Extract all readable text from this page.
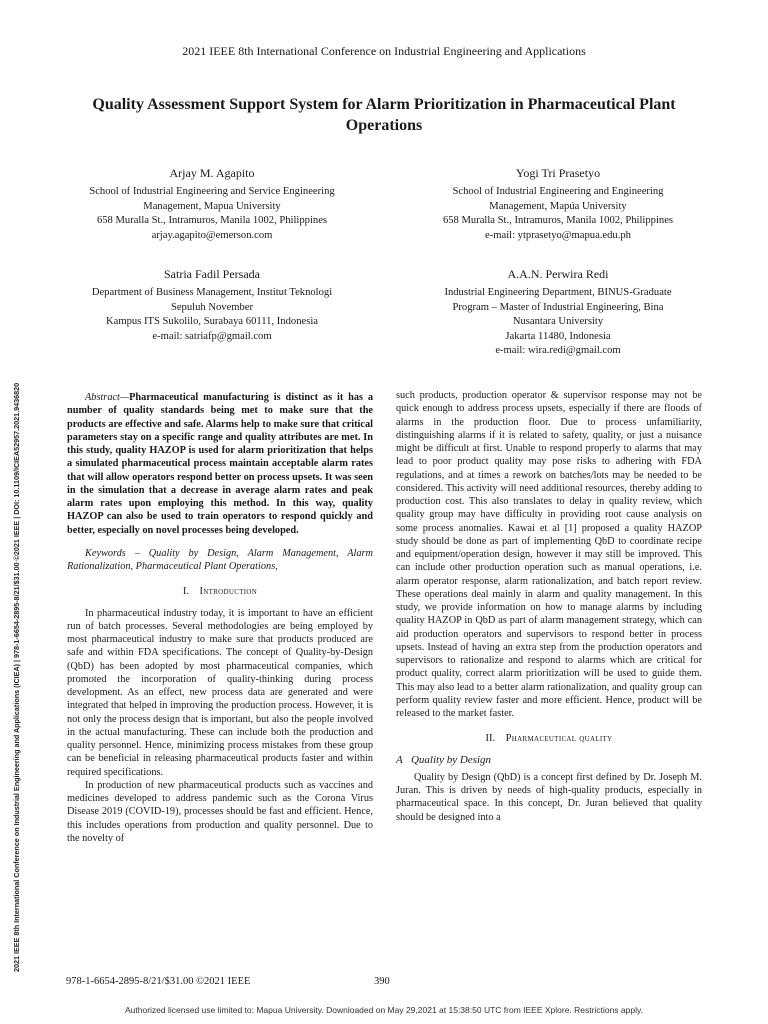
2021 IEEE 8th International Conference on Industrial Engineering and Applications
Quality Assessment Support System for Alarm Prioritization in Pharmaceutical Plant Operations
Arjay M. Agapito
School of Industrial Engineering and Service Engineering
Management, Mapua University
658 Muralla St., Intramuros, Manila 1002, Philippines
arjay.agapito@emerson.com
Yogi Tri Prasetyo
School of Industrial Engineering and Engineering
Management, Mapúa University
658 Muralla St., Intramuros, Manila 1002, Philippines
e-mail: ytprasetyo@mapua.edu.ph
Satria Fadil Persada
Department of Business Management, Institut Teknologi
Sepuluh November
Kampus ITS Sukolilo, Surabaya 60111, Indonesia
e-mail: satriafp@gmail.com
A.A.N. Perwira Redi
Industrial Engineering Department, BINUS-Graduate
Program – Master of Industrial Engineering, Bina
Nusantara University
Jakarta 11480, Indonesia
e-mail: wira.redi@gmail.com

Abstract—Pharmaceutical manufacturing is distinct as it has a number of quality standards being met to make sure that the products are effective and safe. Alarms help to make sure that critical parameters stay on a specific range and quality attributes are met. In this study, quality HAZOP is used for alarm prioritization that helps a simulated pharmaceutical process maintain acceptable alarm rates that will allow operators respond better on process upsets. It was seen in the simulation that a decrease in average alarm rates and peak alarm rates upon employing this method. In this way, quality HAZOP can also be used to train operators to respond quickly and better, especially on novel processes being developed.

Keywords – Quality by Design, Alarm Management, Alarm Rationalization, Pharmaceutical Plant Operations,

I. Introduction

In pharmaceutical industry today, it is important to have an efficient run of batch processes. Several methodologies are being employed by most pharmaceutical industry to make sure that products produced are safe and within FDA specifications. The concept of Quality-by-Design (QbD) has been adopted by most pharmaceutical companies, which promoted the incorporation of quality-thinking during process development. As an effect, new process data are generated and were integrated that helped in improving the production process. However, it is not only the process design that is important, but also the people involved in the actual manufacturing. These can include both the production and quality personnel. Hence, minimizing process mistakes from these group can be beneficial in releasing pharmaceutical products faster and within required specifications.

In production of new pharmaceutical products such as vaccines and medicines developed to address pandemic such as the Corona Virus Disease 2019 (COVID-19), processes should be fast and efficient. Hence, this includes operations from production and quality personnel. Due to the novelty of

such products, production operator & supervisor response may not be quick enough to address process upsets, especially if there are floods of alarms in the production floor. Due to process unfamiliarity, distinguishing alarms if it is related to safety, quality, or just a nuisance might be difficult at first. Unable to respond properly to alarms that may lead to poor product quality may pose risks to adhering with FDA regulations, and at times a rework on batches/lots may be needed to be considered. This activity will need additional resources, thereby adding to production cost. This also translates to delay in quality review, which quality group may have difficulty in providing root cause analysis on some process anomalies. Kawai et al [1] proposed a quality HAZOP study should be done as part of implementing QbD to coordinate recipe and equipment/operation design, however it may still be improved. This can include other production operation such as manual operations, i.e. alarm operator response, alarm rationalization, and batch report review. These operations deal mainly in alarm and quality management. In this study, we provide information on how to manage alarms by including quality HAZOP in QbD as part of alarm management strategy, which can aid production operators and supervisors to respond better in process upsets. Instead of having an extra step from the production operators and supervisors to rationalize and respond to alarms which are critical for product quality, correct alarm prioritization will be used to guide them. This may also lead to a better alarm rationalization, and quality group can perform quality review faster and more efficient. Hence, product will be released to the market faster.

II. Pharmaceutical quality

A Quality by Design

Quality by Design (QbD) is a concept first defined by Dr. Joseph M. Juran. This is driven by needs of high-quality products, especially in pharmaceutical space. In this concept, Dr. Juran believed that quality should be designed into a

2021 IEEE 8th International Conference on Industrial Engineering and Applications (ICIEA) | 978-1-6654-2895-8/21/$31.00 ©2021 IEEE | DOI: 10.1109/ICIEA52957.2021.9436820
978-1-6654-2895-8/21/$31.00 ©2021 IEEE	390
Authorized licensed use limited to: Mapua University. Downloaded on May 29,2021 at 15:38:50 UTC from IEEE Xplore. Restrictions apply.
